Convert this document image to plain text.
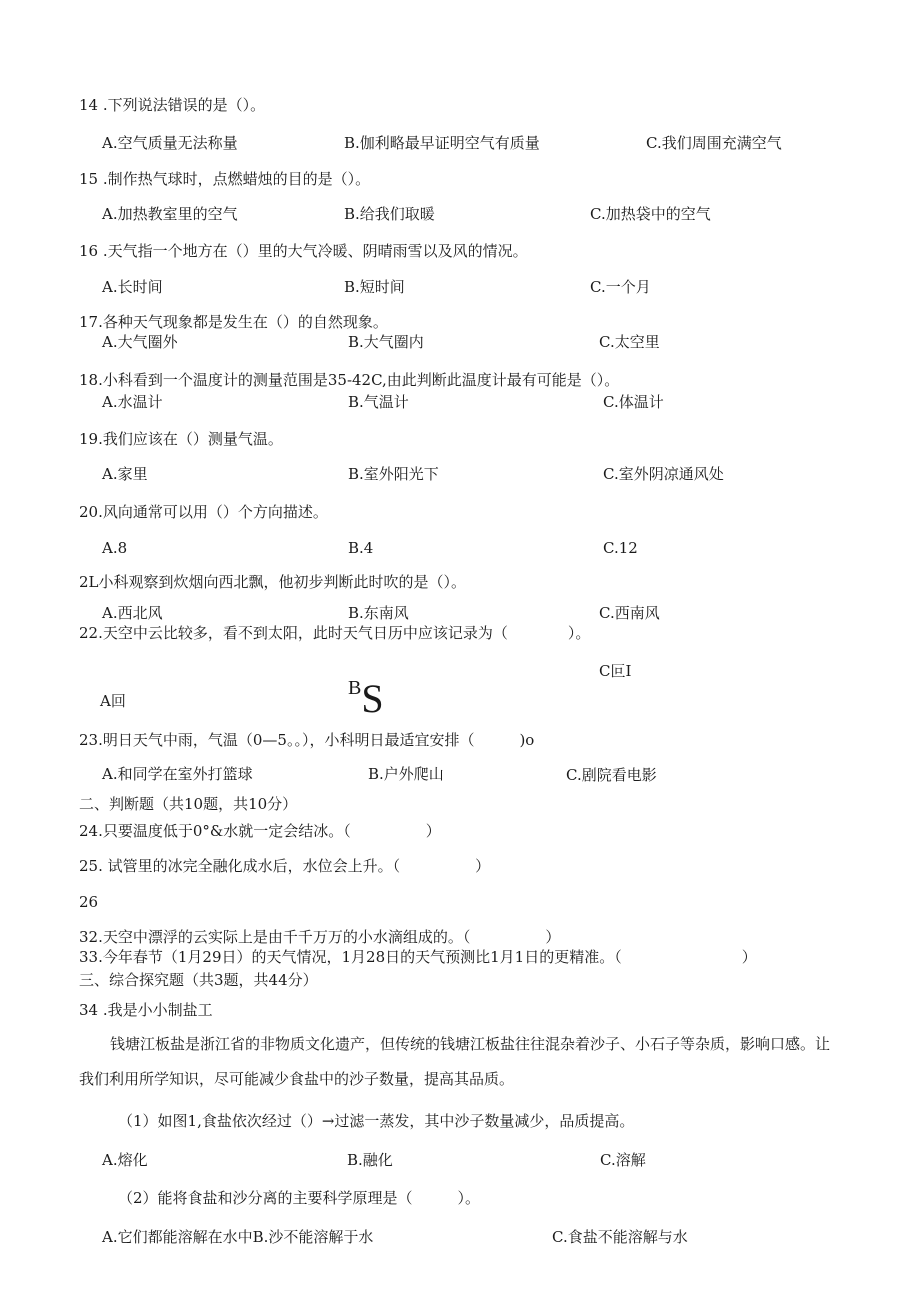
14 .下列说法错误的是（）。
A.空气质量无法称量	B.伽利略最早证明空气有质量	C.我们周围充满空气
15 .制作热气球时，点燃蜡烛的目的是（）。
A.加热教室里的空气	B.给我们取暖	C.加热袋中的空气
16 .天气指一个地方在（）里的大气冷暖、阴晴雨雪以及风的情况。
A.长时间	B.短时间	C.一个月
17.各种天气现象都是发生在（）的自然现象。
A.大气圈外	B.大气圈内	C.太空里
18.小科看到一个温度计的测量范围是35-42C,由此判断此温度计最有可能是（）。
A.水温计	B.气温计	C.体温计
19.我们应该在（）测量气温。
A.家里	B.室外阳光下	C.室外阴凉通风处
20.风向通常可以用（）个方向描述。
A.8	B.4	C.12
2L小科观察到炊烟向西北飘，他初步判断此时吹的是（）。
A.西北风	B.东南风	C.西南风
22.天空中云比较多，看不到太阳，此时天气日历中应该记录为（　　　　）。
C叵I
$^B$S
A回
23.明日天气中雨，气温（0—5。。），小科明日最适宜安排（　　　)o
A.和同学在室外打篮球	B.户外爬山	C.剧院看电影
二、判断题（共10题，共10分）
24.只要温度低于0°&水就一定会结冰。（　　　　　）
25. 试管里的冰完全融化成水后，水位会上升。（　　　　　）
26
32.天空中漂浮的云实际上是由千千万万的小水滴组成的。（　　　　　）
33.今年春节（1月29日）的天气情况，1月28日的天气预测比1月1日的更精准。（　　　　　　　　）
三、综合探究题（共3题，共44分）
34 .我是小小制盐工
钱塘江板盐是浙江省的非物质文化遗产，但传统的钱塘江板盐往往混杂着沙子、小石子等杂质，影响口感。让
我们利用所学知识，尽可能减少食盐中的沙子数量，提高其品质。
（1）如图1,食盐依次经过（）→过滤一蒸发，其中沙子数量减少，品质提高。
A.熔化	B.融化	C.溶解
（2）能将食盐和沙分离的主要科学原理是（　　　）。
A.它们都能溶解在水中B.沙不能溶解于水	C.食盐不能溶解与水
